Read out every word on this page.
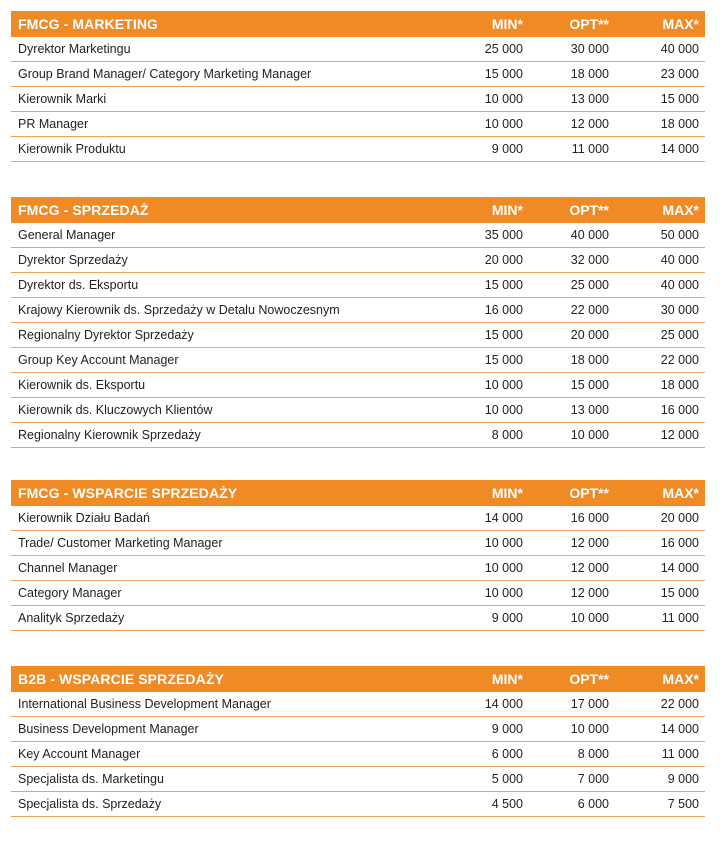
FMCG - MARKETING	MIN*	OPT**	MAX*
Dyrektor Marketingu	25 000	30 000	40 000
Group Brand Manager/ Category Marketing Manager	15 000	18 000	23 000
Kierownik Marki	10 000	13 000	15 000
PR Manager	10 000	12 000	18 000
Kierownik Produktu	9 000	11 000	14 000
FMCG - SPRZEDAŻ	MIN*	OPT**	MAX*
General Manager	35 000	40 000	50 000
Dyrektor Sprzedaży	20 000	32 000	40 000
Dyrektor ds. Eksportu	15 000	25 000	40 000
Krajowy Kierownik ds. Sprzedaży w Detalu Nowoczesnym	16 000	22 000	30 000
Regionalny Dyrektor Sprzedaży	15 000	20 000	25 000
Group Key Account Manager	15 000	18 000	22 000
Kierownik ds. Eksportu	10 000	15 000	18 000
Kierownik ds. Kluczowych Klientów	10 000	13 000	16 000
Regionalny Kierownik Sprzedaży	8 000	10 000	12 000
FMCG - WSPARCIE SPRZEDAŻY	MIN*	OPT**	MAX*
Kierownik Działu Badań	14 000	16 000	20 000
Trade/ Customer Marketing Manager	10 000	12 000	16 000
Channel Manager	10 000	12 000	14 000
Category Manager	10 000	12 000	15 000
Analityk Sprzedaży	9 000	10 000	11 000
B2B - WSPARCIE SPRZEDAŻY	MIN*	OPT**	MAX*
International Business Development Manager	14 000	17 000	22 000
Business Development Manager	9 000	10 000	14 000
Key Account Manager	6 000	8 000	11 000
Specjalista ds. Marketingu	5 000	7 000	9 000
Specjalista ds. Sprzedaży	4 500	6 000	7 500
